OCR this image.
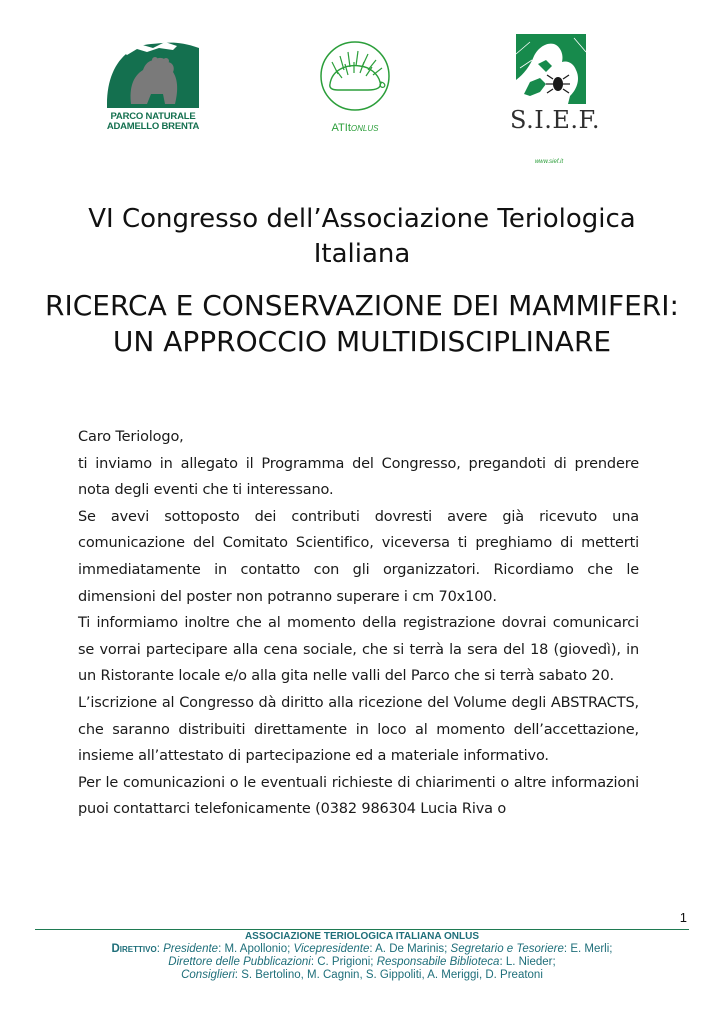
PARCO NATURALE
ADAMELLO BRENTA	ATItONLUS	S.I.E.F.
www.sief.it
VI Congresso dell’Associazione Teriologica Italiana
RICERCA E CONSERVAZIONE DEI MAMMIFERI: UN APPROCCIO MULTIDISCIPLINARE

Caro Teriologo,

ti inviamo in allegato il Programma del Congresso, pregandoti di prendere nota degli eventi che ti interessano.

Se avevi sottoposto dei contributi dovresti avere già ricevuto una comunicazione del Comitato Scientifico, viceversa ti preghiamo di metterti immediatamente in contatto con gli organizzatori. Ricordiamo che le dimensioni del poster non potranno superare i cm 70x100.

Ti informiamo inoltre che al momento della registrazione dovrai comunicarci se vorrai partecipare alla cena sociale, che si terrà la sera del 18 (giovedì), in un Ristorante locale e/o alla gita nelle valli del Parco che si terrà sabato 20.

L’iscrizione al Congresso dà diritto alla ricezione del Volume degli ABSTRACTS, che saranno distribuiti direttamente in loco al momento dell’accettazione, insieme all’attestato di partecipazione ed a materiale informativo.

Per le comunicazioni o le eventuali richieste di chiarimenti o altre informazioni puoi contattarci telefonicamente (0382 986304 Lucia Riva o

1
ASSOCIAZIONE TERIOLOGICA ITALIANA ONLUS
Direttivo: Presidente: M. Apollonio; Vicepresidente: A. De Marinis; Segretario e Tesoriere: E. Merli;
Direttore delle Pubblicazioni: C. Prigioni; Responsabile Biblioteca: L. Nieder;
Consiglieri: S. Bertolino, M. Cagnin, S. Gippoliti, A. Meriggi, D. Preatoni
